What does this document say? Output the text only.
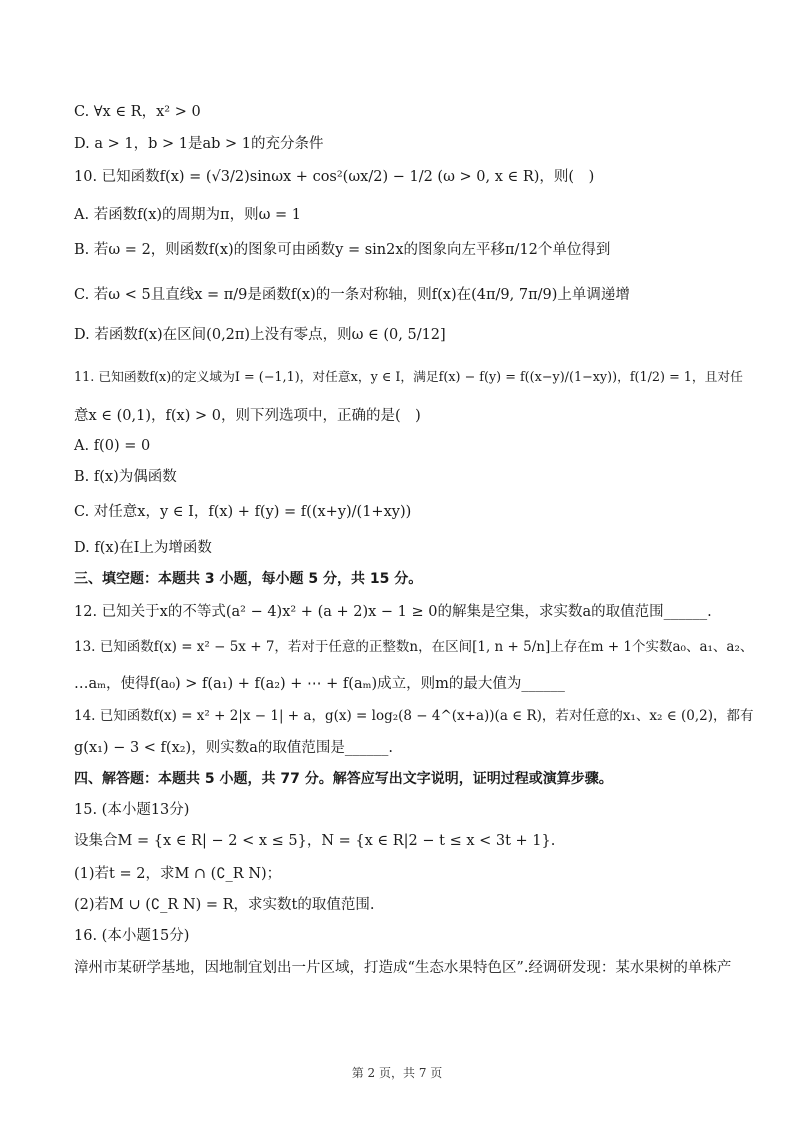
C. ∀x ∈ R，x² > 0
D. a > 1，b > 1是ab > 1的充分条件
10. 已知函数f(x) = (√3/2)sinωx + cos²(ωx/2) − 1/2 (ω > 0, x ∈ R)，则(　)
A. 若函数f(x)的周期为π，则ω = 1
B. 若ω = 2，则函数f(x)的图象可由函数y = sin2x的图象向左平移π/12个单位得到
C. 若ω < 5且直线x = π/9是函数f(x)的一条对称轴，则f(x)在(4π/9, 7π/9)上单调递增
D. 若函数f(x)在区间(0,2π)上没有零点，则ω ∈ (0, 5/12]
11. 已知函数f(x)的定义域为I = (−1,1)，对任意x，y ∈ I，满足f(x) − f(y) = f((x−y)/(1−xy))，f(1/2) = 1，且对任
意x ∈ (0,1)，f(x) > 0，则下列选项中，正确的是(　)
A. f(0) = 0
B. f(x)为偶函数
C. 对任意x，y ∈ I，f(x) + f(y) = f((x+y)/(1+xy))
D. f(x)在I上为增函数
三、填空题：本题共 3 小题，每小题 5 分，共 15 分。
12. 已知关于x的不等式(a² − 4)x² + (a + 2)x − 1 ≥ 0的解集是空集，求实数a的取值范围______.
13. 已知函数f(x) = x² − 5x + 7，若对于任意的正整数n，在区间[1, n + 5/n]上存在m + 1个实数a₀、a₁、a₂、
…aₘ，使得f(a₀) > f(a₁) + f(a₂) + ⋯ + f(aₘ)成立，则m的最大值为______
14. 已知函数f(x) = x² + 2|x − 1| + a，g(x) = log₂(8 − 4^(x+a))(a ∈ R)，若对任意的x₁、x₂ ∈ (0,2)，都有
g(x₁) − 3 < f(x₂)，则实数a的取值范围是______.
四、解答题：本题共 5 小题，共 77 分。解答应写出文字说明，证明过程或演算步骤。
15. (本小题13分)
设集合M = {x ∈ R| − 2 < x ≤ 5}，N = {x ∈ R|2 − t ≤ x < 3t + 1}.
(1)若t = 2，求M ∩ (∁_R N)；
(2)若M ∪ (∁_R N) = R，求实数t的取值范围.
16. (本小题15分)
漳州市某研学基地，因地制宜划出一片区域，打造成“生态水果特色区”.经调研发现：某水果树的单株产
第 2 页，共 7 页
